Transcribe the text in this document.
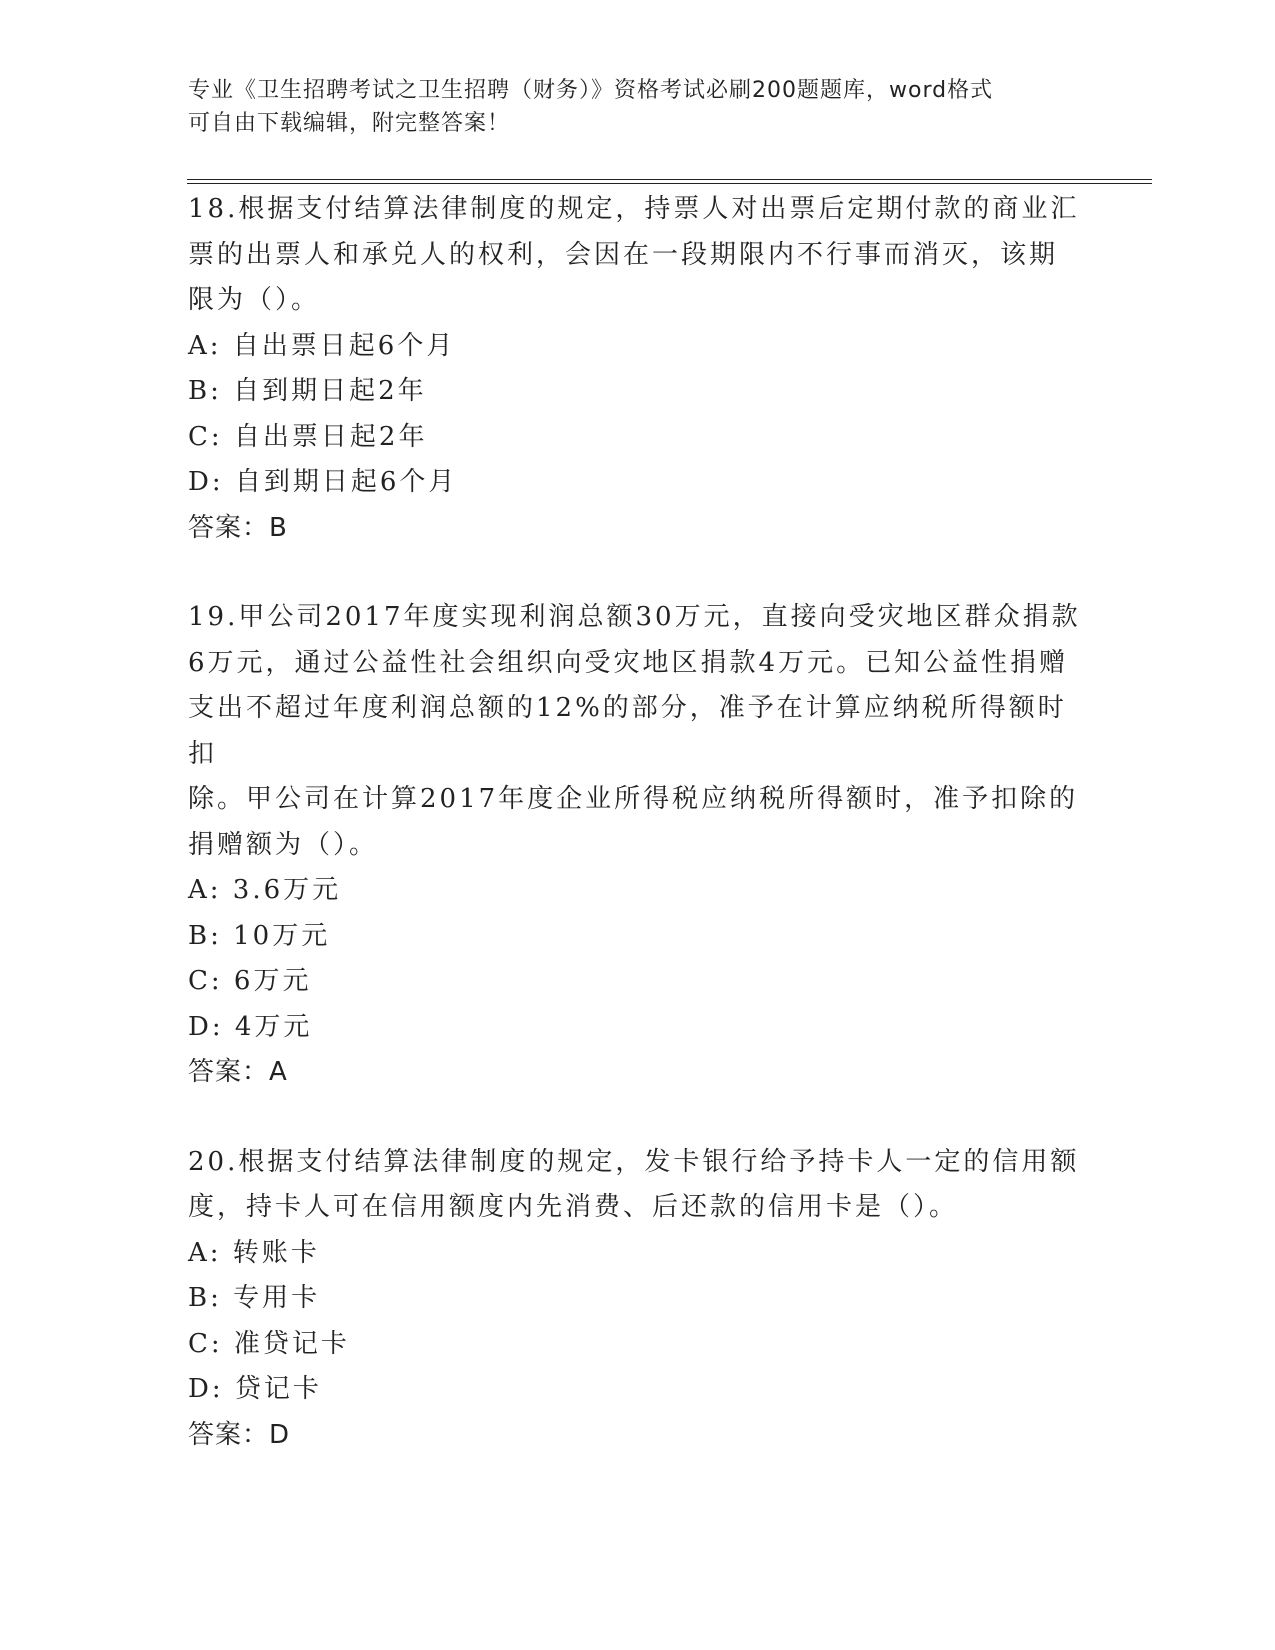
专业《卫生招聘考试之卫生招聘（财务）》资格考试必刷200题题库，word格式
可自由下载编辑，附完整答案！
18.根据支付结算法律制度的规定，持票人对出票后定期付款的商业汇
票的出票人和承兑人的权利，会因在一段期限内不行事而消灭，该期
限为（）。
A: 自出票日起6个月
B: 自到期日起2年
C: 自出票日起2年
D: 自到期日起6个月
答案：B
19.甲公司2017年度实现利润总额30万元，直接向受灾地区群众捐款
6万元，通过公益性社会组织向受灾地区捐款4万元。已知公益性捐赠
支出不超过年度利润总额的12%的部分，准予在计算应纳税所得额时扣
除。甲公司在计算2017年度企业所得税应纳税所得额时，准予扣除的
捐赠额为（）。
A: 3.6万元
B: 10万元
C: 6万元
D: 4万元
答案：A
20.根据支付结算法律制度的规定，发卡银行给予持卡人一定的信用额
度，持卡人可在信用额度内先消费、后还款的信用卡是（）。
A: 转账卡
B: 专用卡
C: 准贷记卡
D: 贷记卡
答案：D
